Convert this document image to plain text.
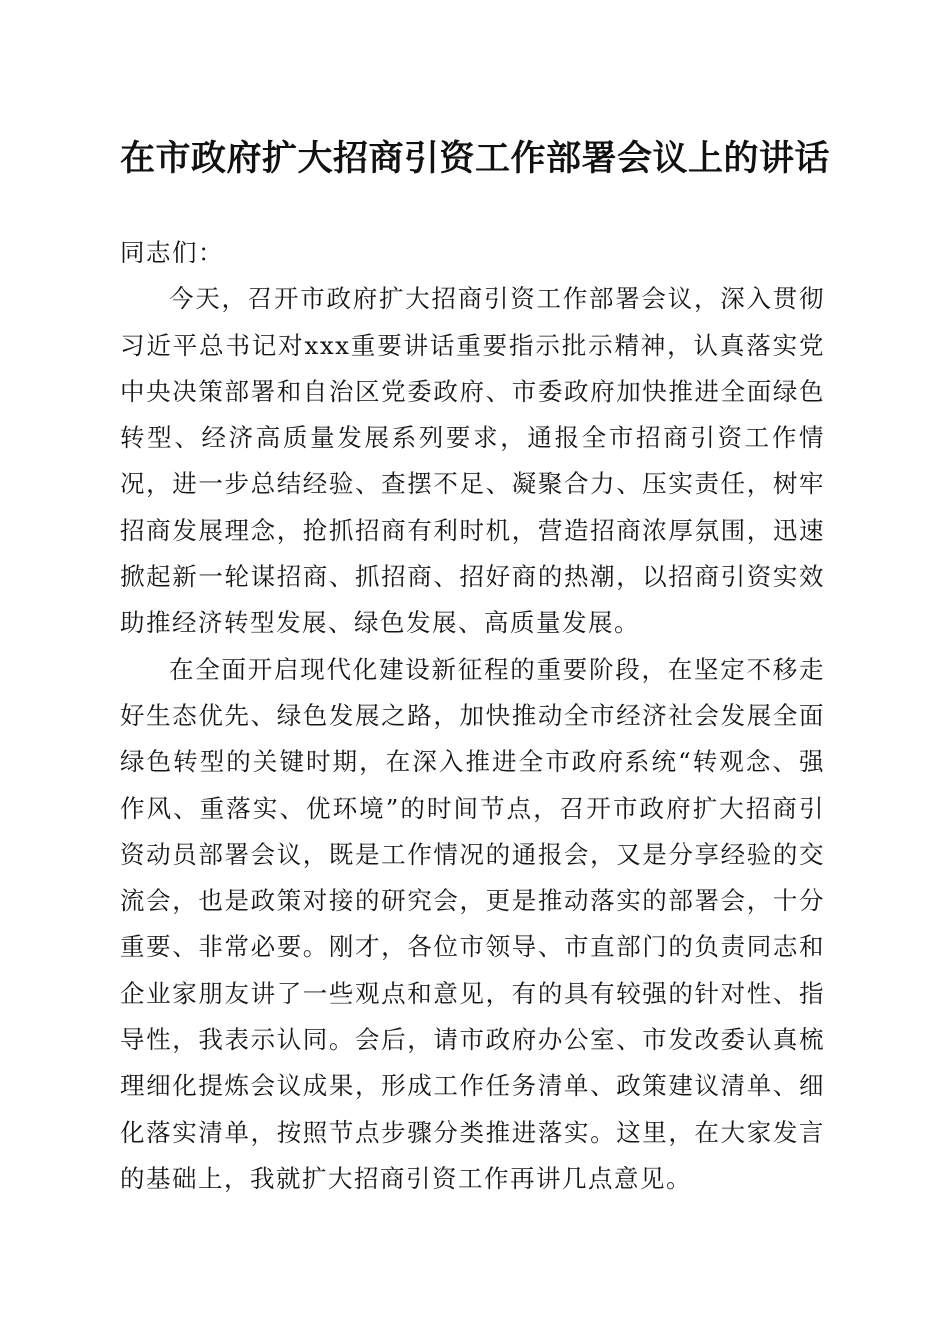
在市政府扩大招商引资工作部署会议上的讲话

同志们：

今天，召开市政府扩大招商引资工作部署会议，深入贯彻习近平总书记对xxx重要讲话重要指示批示精神，认真落实党中央决策部署和自治区党委政府、市委政府加快推进全面绿色转型、经济高质量发展系列要求，通报全市招商引资工作情况，进一步总结经验、查摆不足、凝聚合力、压实责任，树牢招商发展理念，抢抓招商有利时机，营造招商浓厚氛围，迅速掀起新一轮谋招商、抓招商、招好商的热潮，以招商引资实效助推经济转型发展、绿色发展、高质量发展。

在全面开启现代化建设新征程的重要阶段，在坚定不移走好生态优先、绿色发展之路，加快推动全市经济社会发展全面绿色转型的关键时期，在深入推进全市政府系统“转观念、强作风、重落实、优环境”的时间节点，召开市政府扩大招商引资动员部署会议，既是工作情况的通报会，又是分享经验的交流会，也是政策对接的研究会，更是推动落实的部署会，十分重要、非常必要。刚才，各位市领导、市直部门的负责同志和企业家朋友讲了一些观点和意见，有的具有较强的针对性、指导性，我表示认同。会后，请市政府办公室、市发改委认真梳理细化提炼会议成果，形成工作任务清单、政策建议清单、细化落实清单，按照节点步骤分类推进落实。这里，在大家发言的基础上，我就扩大招商引资工作再讲几点意见。
